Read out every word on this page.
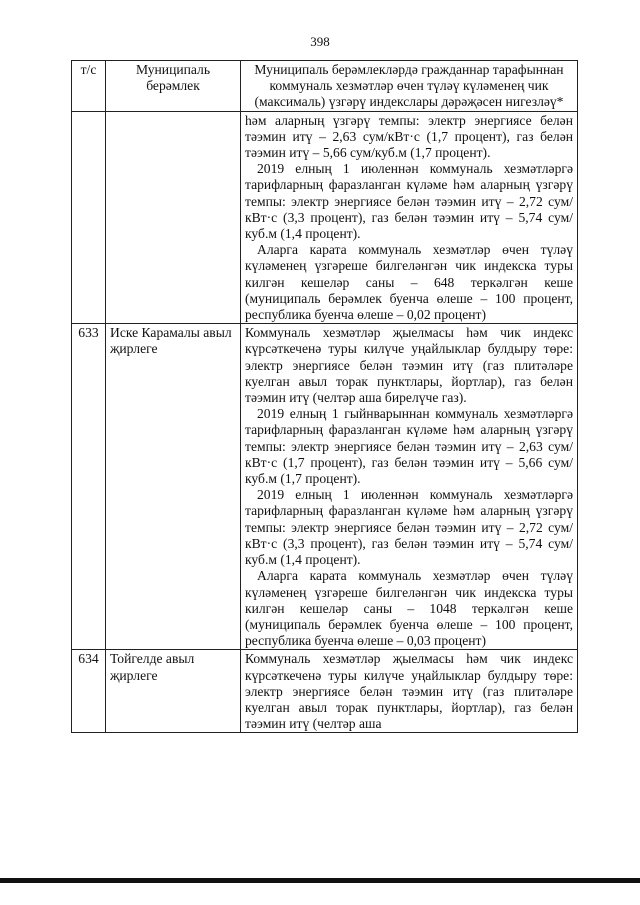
398
т/с	Муниципаль берәмлек	Муниципаль берәмлекләрдә гражданнар тарафыннан коммуналь хезмәтләр өчен түләү күләменең чик (максималь) үзгәрү индекслары дәрәҗәсен нигезләү*

		һәм аларның үзгәрү темпы: электр энергиясе белән тәэмин итү – 2,63 сум/кВт·с (1,7 процент), газ белән тәэмин итү – 5,66 сум/куб.м (1,7 процент).

2019 елның 1 июленнән коммуналь хезмәтләргә тарифларның фаразланган күләме һәм аларның үзгәрү темпы: электр энергиясе белән тәэмин итү – 2,72 сум/кВт·с (3,3 процент), газ белән тәэмин итү – 5,74 сум/куб.м (1,4 процент).

Аларга карата коммуналь хезмәтләр өчен түләү күләменең үзгәреше билгеләнгән чик индекска туры килгән кешеләр саны – 648 теркәлгән кеше (муниципаль берәмлек буенча өлеше – 100 процент, республика буенча өлеше – 0,02 процент)

633	Иске Карамалы авыл җирлеге	Коммуналь хезмәтләр җыелмасы һәм чик индекс күрсәткеченә туры килүче уңайлыклар булдыру төре: электр энергиясе белән тәэмин итү (газ плитәләре куелган авыл торак пунктлары, йортлар), газ белән тәэмин итү (челтәр аша бирелүче газ).

2019 елның 1 гыйнварыннан коммуналь хезмәтләргә тарифларның фаразланган күләме һәм аларның үзгәрү темпы: электр энергиясе белән тәэмин итү – 2,63 сум/кВт·с (1,7 процент), газ белән тәэмин итү – 5,66 сум/куб.м (1,7 процент).

2019 елның 1 июленнән коммуналь хезмәтләргә тарифларның фаразланган күләме һәм аларның үзгәрү темпы: электр энергиясе белән тәэмин итү – 2,72 сум/кВт·с (3,3 процент), газ белән тәэмин итү – 5,74 сум/куб.м (1,4 процент).

Аларга карата коммуналь хезмәтләр өчен түләү күләменең үзгәреше билгеләнгән чик индекска туры килгән кешеләр саны – 1048 теркәлгән кеше (муниципаль берәмлек буенча өлеше – 100 процент, республика буенча өлеше – 0,03 процент)

634	Тойгелде авыл җирлеге	Коммуналь хезмәтләр җыелмасы һәм чик индекс күрсәткеченә туры килүче уңайлыклар булдыру төре: электр энергиясе белән тәэмин итү (газ плитәләре куелган авыл торак пунктлары, йортлар), газ белән тәэмин итү (челтәр аша
